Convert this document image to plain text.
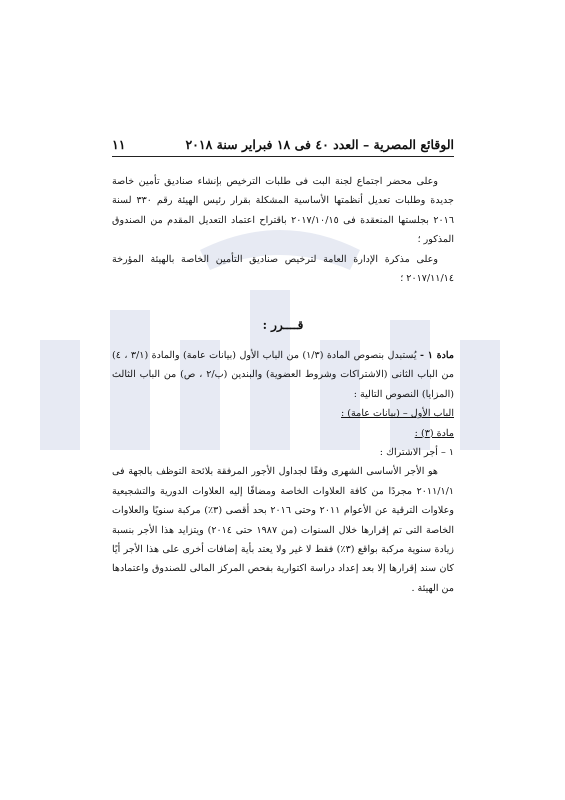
الوقائع المصرية – العدد ٤٠ فى ١٨ فبراير سنة ٢٠١٨
١١

وعلى محضر اجتماع لجنة البت فى طلبات الترخيص بإنشاء صناديق تأمين خاصة جديدة وطلبات تعديل أنظمتها الأساسية المشكلة بقرار رئيس الهيئة رقم ٣٣٠ لسنة ٢٠١٦ بجلستها المنعقدة فى ٢٠١٧/١٠/١٥ باقتراح اعتماد التعديل المقدم من الصندوق المذكور ؛

وعلى مذكرة الإدارة العامة لترخيص صناديق التأمين الخاصة بالهيئة المؤرخة ٢٠١٧/١١/١٤ ؛

قــــرر :

مادة ١ - يُستبدل بنصوص المادة (١/٣) من الباب الأول (بيانات عامة) والمادة (٣/١ ، ٤) من الباب الثانى (الاشتراكات وشروط العضوية) والبندين (ب/٢ ، ص) من الباب الثالث (المزايا) النصوص التالية :

الباب الأول – (بيانات عامة) :

مادة (٣) :

١ – أجر الاشتراك :

هو الأجر الأساسى الشهرى وفقًا لجداول الأجور المرفقة بلائحة التوظف بالجهة فى ٢٠١١/١/١ مجردًا من كافة العلاوات الخاصة ومضافًا إليه العلاوات الدورية والتشجيعية وعلاوات الترقية عن الأعوام ٢٠١١ وحتى ٢٠١٦ بحد أقصى (٣٪) مركبة سنويًا والعلاوات الخاصة التى تم إقرارها خلال السنوات (من ١٩٨٧ حتى ٢٠١٤) ويتزايد هذا الأجر بنسبة زيادة سنوية مركبة بواقع (٣٪) فقط لا غير ولا يعتد بأية إضافات أخرى على هذا الأجر أيًا كان سند إقرارها إلا بعد إعداد دراسة اكتوارية بفحص المركز المالى للصندوق واعتمادها من الهيئة .
